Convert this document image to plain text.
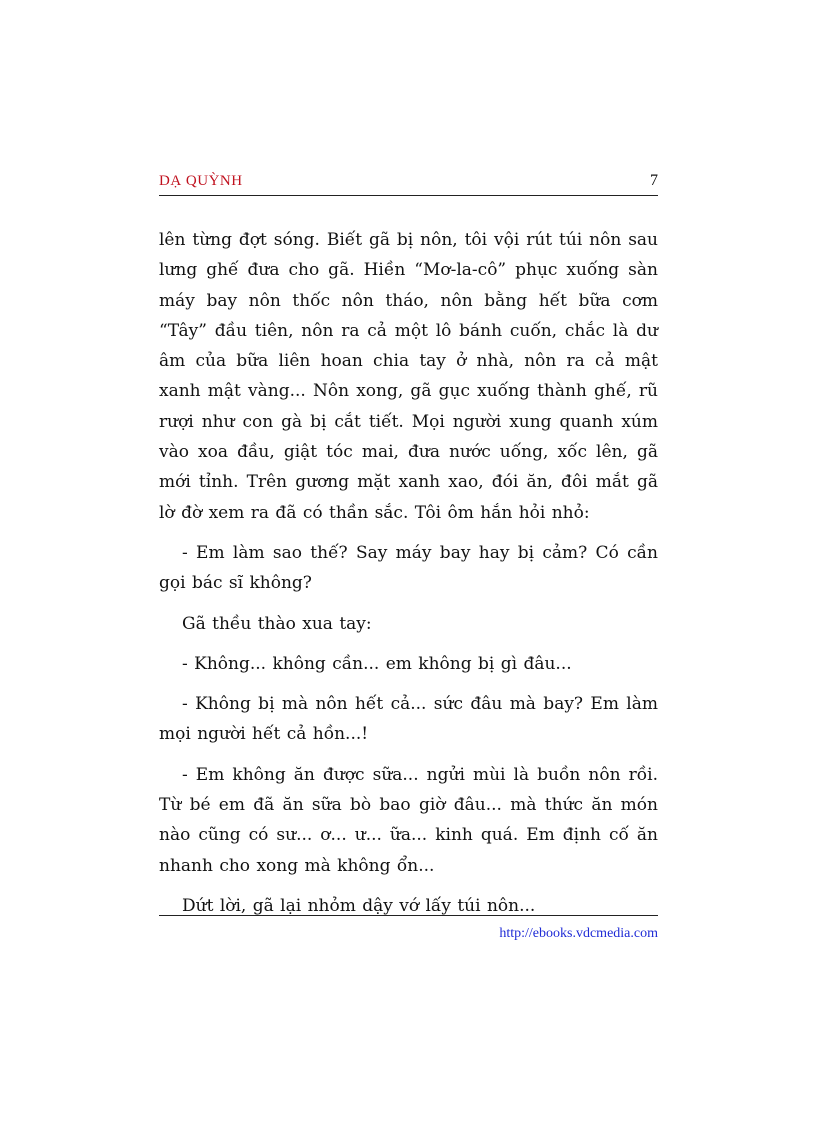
DẠ QUỲNH	7

lên từng đợt sóng. Biết gã bị nôn, tôi vội rút túi nôn sau lưng ghế đưa cho gã. Hiền “Mơ-la-cô” phục xuống sàn máy bay nôn thốc nôn tháo, nôn bằng hết bữa cơm “Tây” đầu tiên, nôn ra cả một lô bánh cuốn, chắc là dư âm của bữa liên hoan chia tay ở nhà, nôn ra cả mật xanh mật vàng... Nôn xong, gã gục xuống thành ghế, rũ rượi như con gà bị cắt tiết. Mọi người xung quanh xúm vào xoa đầu, giật tóc mai, đưa nước uống, xốc lên, gã mới tỉnh. Trên gương mặt xanh xao, đói ăn, đôi mắt gã lờ đờ xem ra đã có thần sắc. Tôi ôm hắn hỏi nhỏ:

- Em làm sao thế? Say máy bay hay bị cảm? Có cần gọi bác sĩ không?

Gã thều thào xua tay:

- Không... không cần... em không bị gì đâu...

- Không bị mà nôn hết cả... sức đâu mà bay? Em làm mọi người hết cả hồn...!

- Em không ăn được sữa... ngửi mùi là buồn nôn rồi. Từ bé em đã ăn sữa bò bao giờ đâu... mà thức ăn món nào cũng có sư... ơ... ư... ữa... kinh quá. Em định cố ăn nhanh cho xong mà không ổn...

Dứt lời, gã lại nhỏm dậy vớ lấy túi nôn...

http://ebooks.vdcmedia.com
